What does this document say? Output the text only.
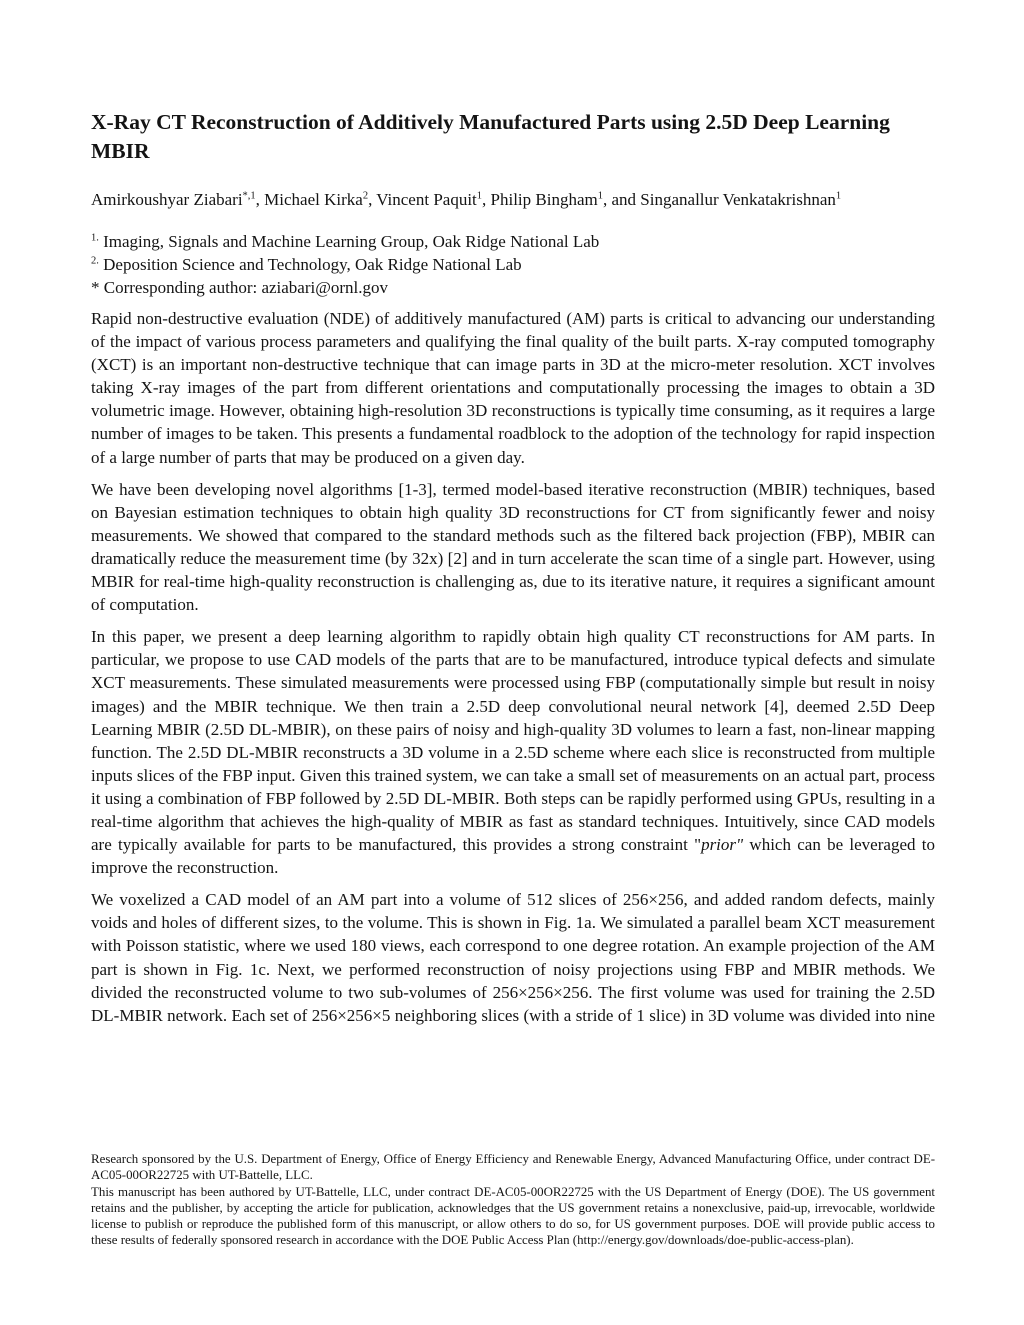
X-Ray CT Reconstruction of Additively Manufactured Parts using 2.5D Deep Learning MBIR
Amirkoushyar Ziabari$^{*,1}$, Michael Kirka$^2$, Vincent Paquit$^1$, Philip Bingham$^1$, and Singanallur Venkatakrishnan$^1$
$^{1.}$ Imaging, Signals and Machine Learning Group, Oak Ridge National Lab
$^{2.}$ Deposition Science and Technology, Oak Ridge National Lab
* Corresponding author: aziabari@ornl.gov

Rapid non-destructive evaluation (NDE) of additively manufactured (AM) parts is critical to advancing our understanding of the impact of various process parameters and qualifying the final quality of the built parts. X-ray computed tomography (XCT) is an important non-destructive technique that can image parts in 3D at the micro-meter resolution. XCT involves taking X-ray images of the part from different orientations and computationally processing the images to obtain a 3D volumetric image. However, obtaining high-resolution 3D reconstructions is typically time consuming, as it requires a large number of images to be taken. This presents a fundamental roadblock to the adoption of the technology for rapid inspection of a large number of parts that may be produced on a given day.

We have been developing novel algorithms [1-3], termed model-based iterative reconstruction (MBIR) techniques, based on Bayesian estimation techniques to obtain high quality 3D reconstructions for CT from significantly fewer and noisy measurements. We showed that compared to the standard methods such as the filtered back projection (FBP), MBIR can dramatically reduce the measurement time (by 32x) [2] and in turn accelerate the scan time of a single part. However, using MBIR for real-time high-quality reconstruction is challenging as, due to its iterative nature, it requires a significant amount of computation.

In this paper, we present a deep learning algorithm to rapidly obtain high quality CT reconstructions for AM parts. In particular, we propose to use CAD models of the parts that are to be manufactured, introduce typical defects and simulate XCT measurements. These simulated measurements were processed using FBP (computationally simple but result in noisy images) and the MBIR technique. We then train a 2.5D deep convolutional neural network [4], deemed 2.5D Deep Learning MBIR (2.5D DL-MBIR), on these pairs of noisy and high-quality 3D volumes to learn a fast, non-linear mapping function. The 2.5D DL-MBIR reconstructs a 3D volume in a 2.5D scheme where each slice is reconstructed from multiple inputs slices of the FBP input. Given this trained system, we can take a small set of measurements on an actual part, process it using a combination of FBP followed by 2.5D DL-MBIR. Both steps can be rapidly performed using GPUs, resulting in a real-time algorithm that achieves the high-quality of MBIR as fast as standard techniques. Intuitively, since CAD models are typically available for parts to be manufactured, this provides a strong constraint "prior" which can be leveraged to improve the reconstruction.

We voxelized a CAD model of an AM part into a volume of 512 slices of 256×256, and added random defects, mainly voids and holes of different sizes, to the volume. This is shown in Fig. 1a. We simulated a parallel beam XCT measurement with Poisson statistic, where we used 180 views, each correspond to one degree rotation. An example projection of the AM part is shown in Fig. 1c. Next, we performed reconstruction of noisy projections using FBP and MBIR methods. We divided the reconstructed volume to two sub-volumes of 256×256×256. The first volume was used for training the 2.5D DL-MBIR network. Each set of 256×256×5 neighboring slices (with a stride of 1 slice) in 3D volume was divided into nine

Research sponsored by the U.S. Department of Energy, Office of Energy Efficiency and Renewable Energy, Advanced Manufacturing Office, under contract DE-AC05-00OR22725 with UT-Battelle, LLC.

This manuscript has been authored by UT-Battelle, LLC, under contract DE-AC05-00OR22725 with the US Department of Energy (DOE). The US government retains and the publisher, by accepting the article for publication, acknowledges that the US government retains a nonexclusive, paid-up, irrevocable, worldwide license to publish or reproduce the published form of this manuscript, or allow others to do so, for US government purposes. DOE will provide public access to these results of federally sponsored research in accordance with the DOE Public Access Plan (http://energy.gov/downloads/doe-public-access-plan).
